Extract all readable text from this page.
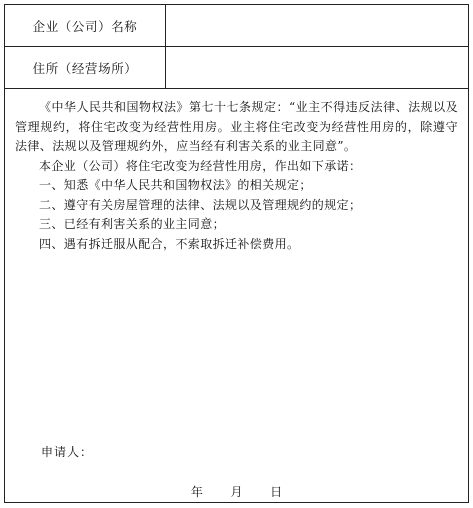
企业（公司）名称
住所（经营场所）

《中华人民共和国物权法》第七十七条规定：“业主不得违反法律、法规以及管理规约，将住宅改变为经营性用房。业主将住宅改变为经营性用房的，除遵守法律、法规以及管理规约外，应当经有利害关系的业主同意”。

本企业（公司）将住宅改变为经营性用房，作出如下承诺：

一、知悉《中华人民共和国物权法》的相关规定；

二、遵守有关房屋管理的法律、法规以及管理规约的规定；

三、已经有利害关系的业主同意；

四、遇有拆迁服从配合，不索取拆迁补偿费用。

申请人：
年 月 日
